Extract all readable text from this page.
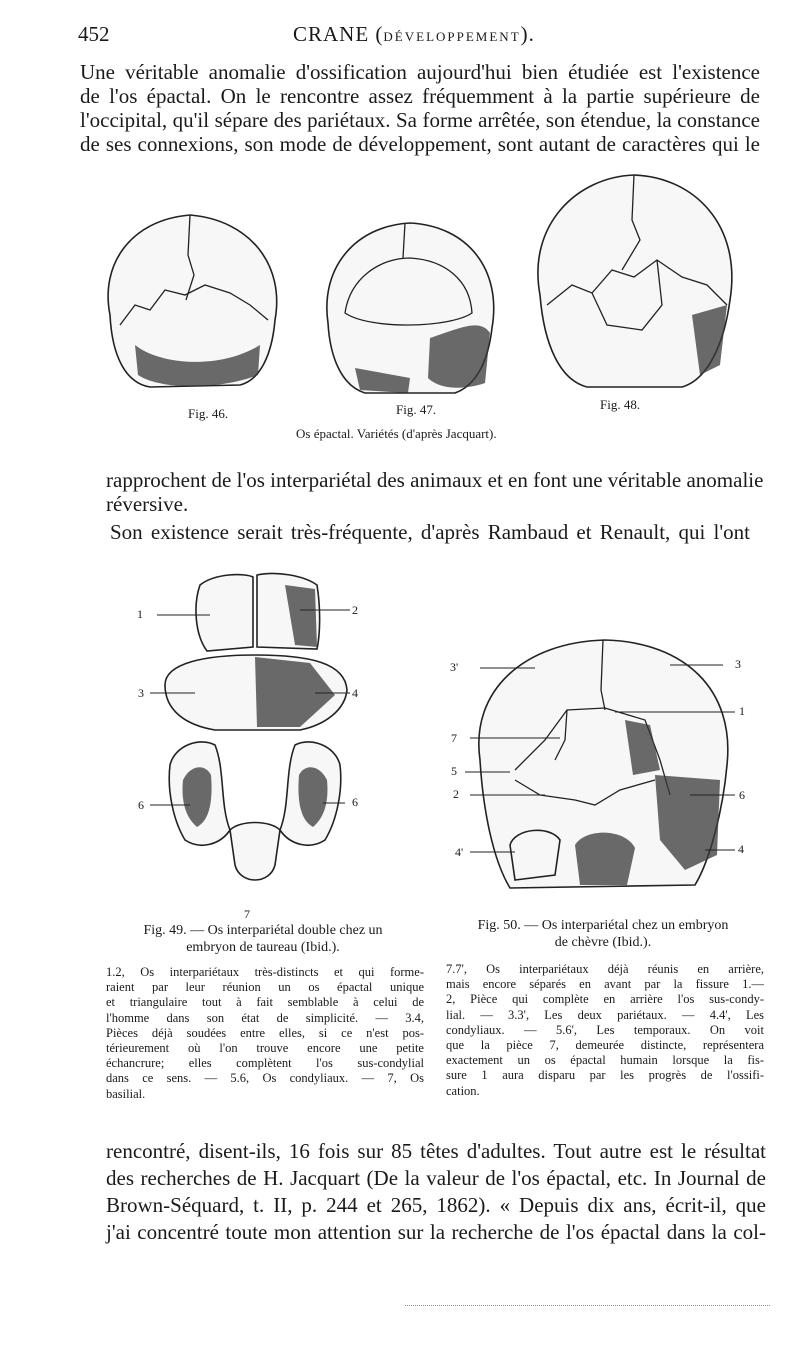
452	CRANE (DÉVELOPPEMENT).
Une véritable anomalie d'ossification aujourd'hui bien étudiée est l'existence
de l'os épactal. On le rencontre assez fréquemment à la partie supérieure de
l'occipital, qu'il sépare des pariétaux. Sa forme arrêtée, son étendue, la constance
de ses connexions, son mode de développement, sont autant de caractères qui le
Fig. 46.	Fig. 47.	Fig. 48.
Os épactal. Variétés (d'après Jacquart).
rapprochent de l'os interpariétal des animaux et en font une véritable anomalie
réversive.
Son existence serait très-fréquente, d'après Rambaud et Renault, qui l'ont
1	2
3	4
6	6
7
3'	3
1
7
5
2	6
4'	4
Fig. 49. — Os interpariétal double chez un
embryon de taureau (Ibid.).
1.2, Os interpariétaux très-distincts et qui forme-
raient par leur réunion un os épactal unique
et triangulaire tout à fait semblable à celui de
l'homme dans son état de simplicité. — 3.4,
Pièces déjà soudées entre elles, si ce n'est pos-
térieurement où l'on trouve encore une petite
échancrure; elles complètent l'os sus-condylial
dans ce sens. — 5.6, Os condyliaux. — 7, Os
basilial.
Fig. 50. — Os interpariétal chez un embryon
de chèvre (Ibid.).
7.7', Os interpariétaux déjà réunis en arrière,
mais encore séparés en avant par la fissure 1.—
2, Pièce qui complète en arrière l'os sus-condy-
lial. — 3.3', Les deux pariétaux. — 4.4', Les
condyliaux. — 5.6', Les temporaux. On voit
que la pièce 7, demeurée distincte, représentera
exactement un os épactal humain lorsque la fis-
sure 1 aura disparu par les progrès de l'ossifi-
cation.
rencontré, disent-ils, 16 fois sur 85 têtes d'adultes. Tout autre est le résultat
des recherches de H. Jacquart (De la valeur de l'os épactal, etc. In Journal de
Brown-Séquard, t. II, p. 244 et 265, 1862). « Depuis dix ans, écrit-il, que
j'ai concentré toute mon attention sur la recherche de l'os épactal dans la col-
